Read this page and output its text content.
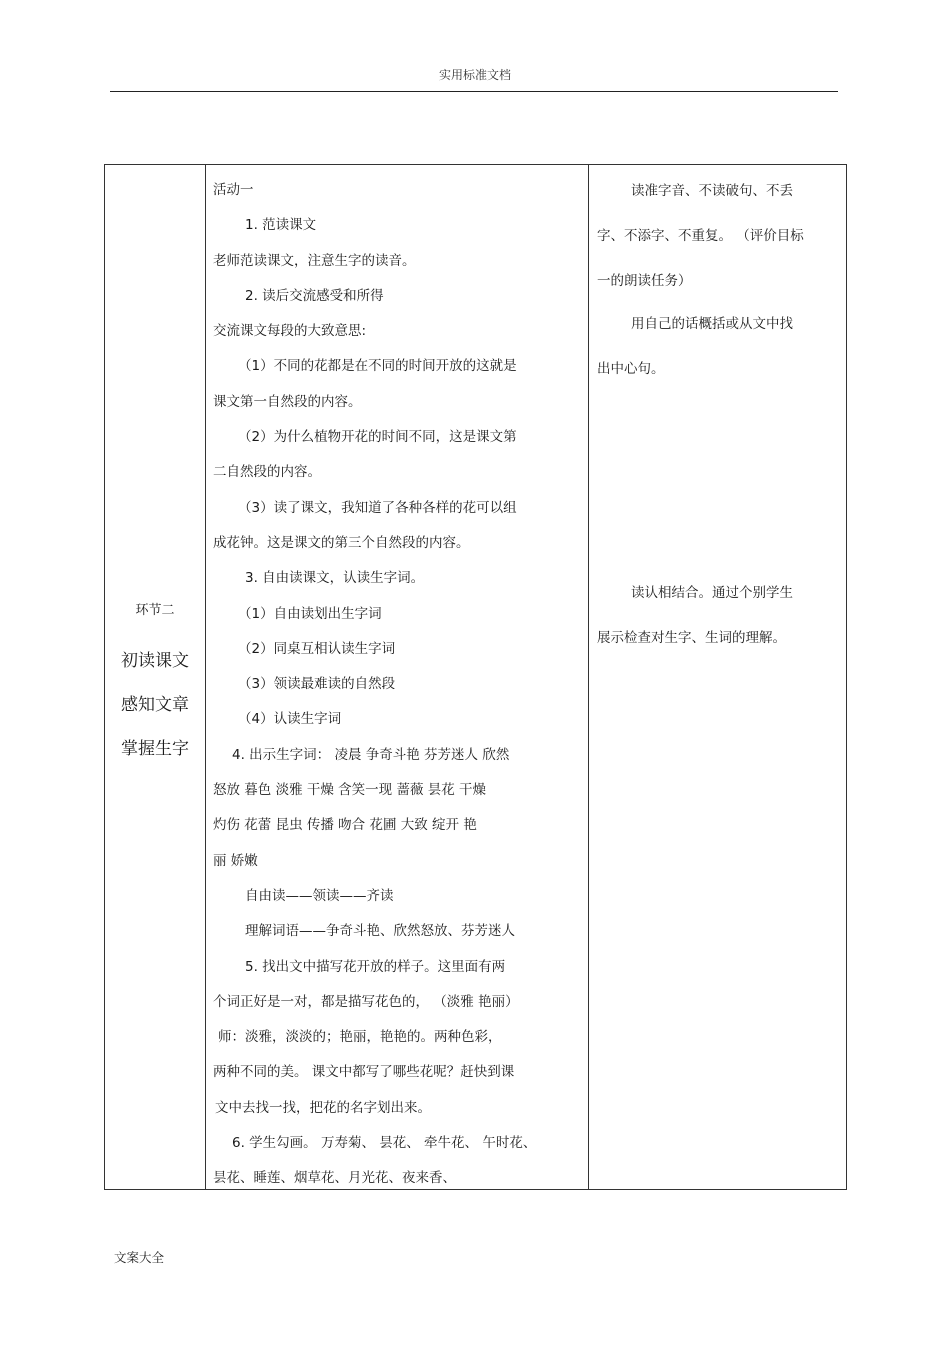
实用标准文档
环节二
初读课文
感知文章
掌握生字
活动一
1. 范读课文
老师范读课文，注意生字的读音。
2. 读后交流感受和所得
交流课文每段的大致意思:
（1）不同的花都是在不同的时间开放的这就是
课文第一自然段的内容。
（2）为什么植物开花的时间不同，这是课文第
二自然段的内容。
（3）读了课文，我知道了各种各样的花可以组
成花钟。这是课文的第三个自然段的内容。
3. 自由读课文，认读生字词。
（1）自由读划出生字词
（2）同桌互相认读生字词
（3）领读最难读的自然段
（4）认读生字词
4. 出示生字词： 凌晨 争奇斗艳 芬芳迷人 欣然
怒放 暮色 淡雅 干燥 含笑一现 蔷薇 昙花 干燥
灼伤 花蕾 昆虫 传播 吻合 花圃 大致 绽开 艳
丽 娇嫩
自由读——领读——齐读
理解词语——争奇斗艳、欣然怒放、芬芳迷人
5. 找出文中描写花开放的样子。这里面有两
个词正好是一对，都是描写花色的， （淡雅 艳丽）
师：淡雅，淡淡的；艳丽，艳艳的。两种色彩，
两种不同的美。 课文中都写了哪些花呢？赶快到课
文中去找一找，把花的名字划出来。
6. 学生勾画。 万寿菊、 昙花、 牵牛花、 午时花、
昙花、睡莲、烟草花、月光花、夜来香、
读准字音、不读破句、不丢
字、不添字、不重复。 （评价目标
一的朗读任务）
用自己的话概括或从文中找
出中心句。
读认相结合。通过个别学生
展示检查对生字、生词的理解。
文案大全
